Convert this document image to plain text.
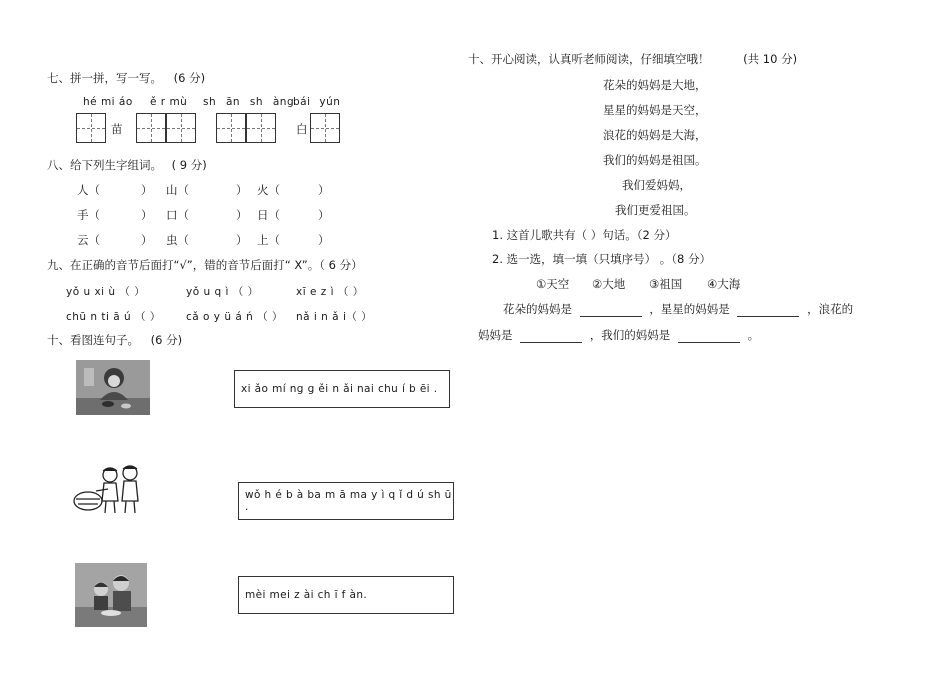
七、拼一拼，写一写。 (6 分)
hé mi áo ě r mù sh ān sh àng
bái yún
苗	白
八、给下列生字组词。 ( 9 分)
人（	） 山（	） 火（	）
手（	） 口（	） 日（	）
云（	） 虫（	） 上（	）
九、在正确的音节后面打“√”，错的音节后面打“ X”。（ 6 分）
yǒ u xi ù （ ）	yǒ u q ì （ ）	xī e z ì （ ）
chū n ti ā ú （ ） cǎ o y ü á ń （ ） nǎ i n ǎ i（ ）
十、看图连句子。 (6 分)
xi ǎo mí ng g ěi n ǎi nai chu í b ēi .
wǒ h é b à ba m ā ma y ì q ǐ d ú sh ū .
mèi mei z ài ch ī f àn.
十、开心阅读，认真听老师阅读，仔细填空哦！	(共 10 分)
花朵的妈妈是大地，
星星的妈妈是天空，
浪花的妈妈是大海，
我们的妈妈是祖国。
我们爱妈妈，
我们更爱祖国。
1. 这首儿歌共有（ ）句话。（2 分）
2. 选一选，填一填（只填序号） 。（8 分）
①天空 ②大地 ③祖国 ④大海
花朵的妈妈是	，星星的妈妈是	，浪花的
妈妈是	，我们的妈妈是	。
